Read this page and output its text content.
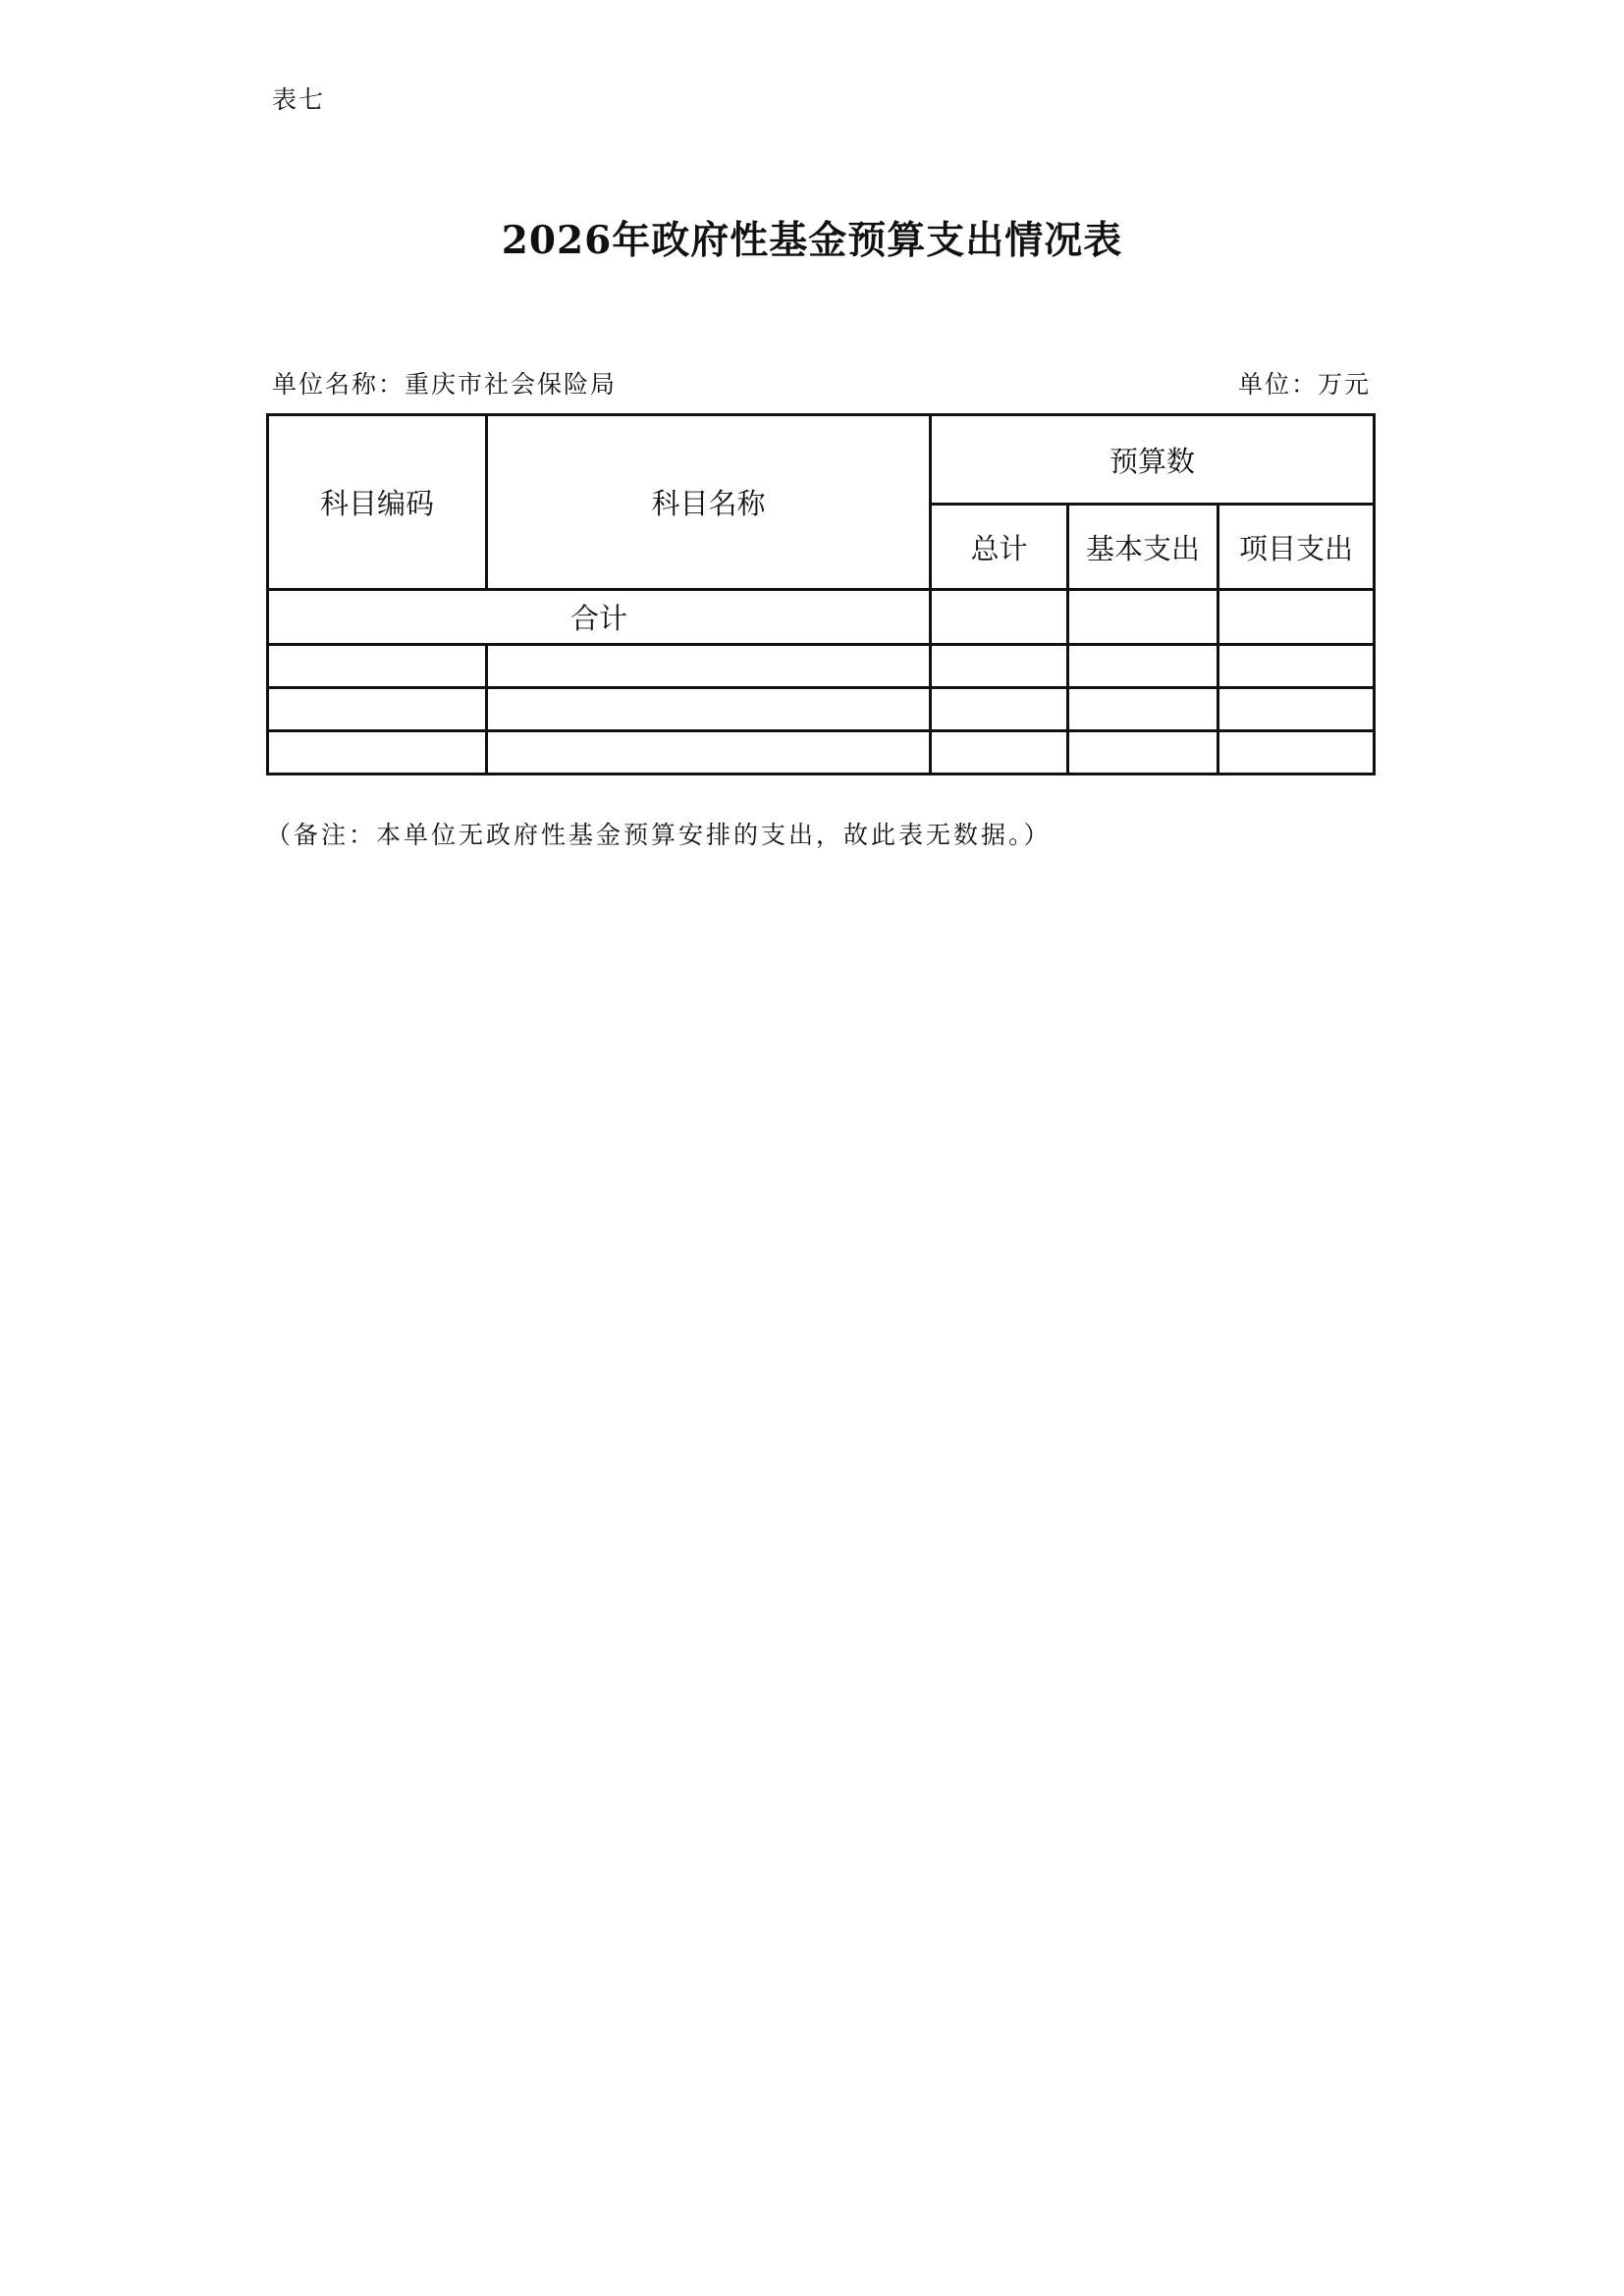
表七
2026年政府性基金预算支出情况表
单位名称：重庆市社会保险局	单位：万元
科目编码	科目名称	预算数		
		总计	基本支出	项目支出
合计				

（备注：本单位无政府性基金预算安排的支出，故此表无数据。）
